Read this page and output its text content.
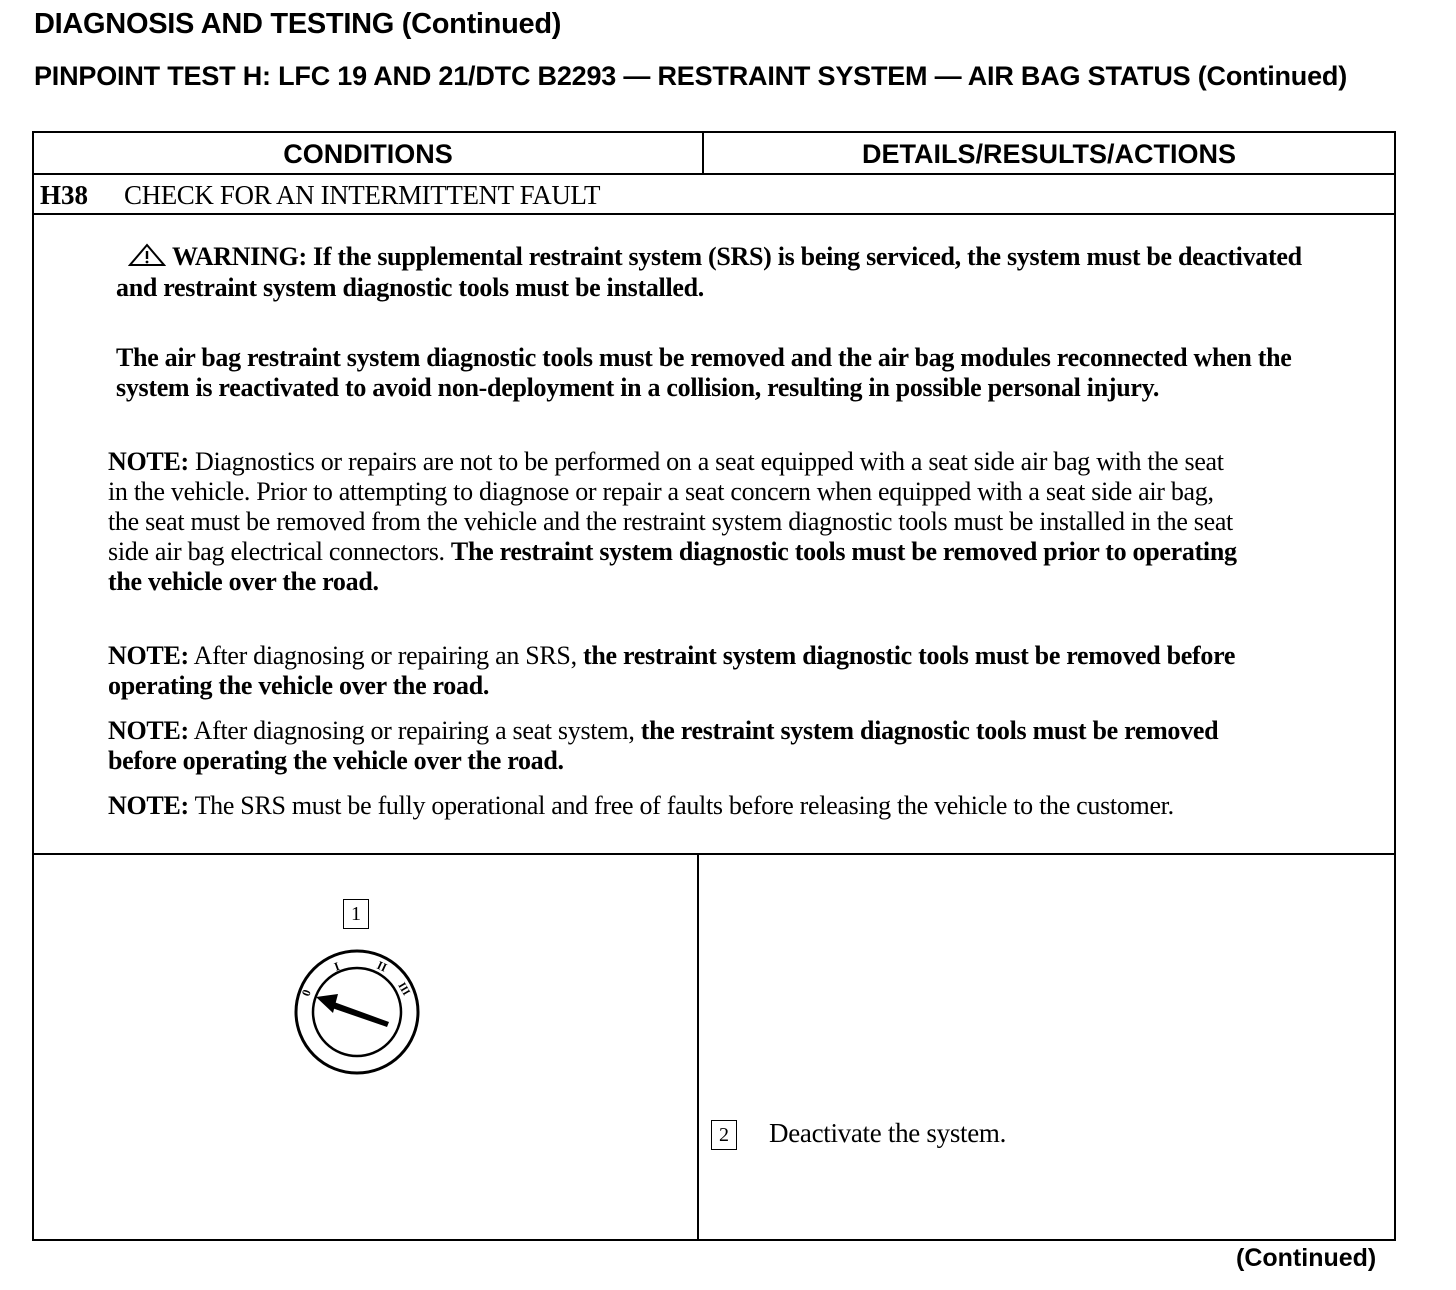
DIAGNOSIS AND TESTING (Continued)
PINPOINT TEST H: LFC 19 AND 21/DTC B2293 — RESTRAINT SYSTEM — AIR BAG STATUS (Continued)
CONDITIONS	DETAILS/RESULTS/ACTIONS
H38 CHECK FOR AN INTERMITTENT FAULT
WARNING: If the supplemental restraint system (SRS) is being serviced, the system must be deactivated and restraint system diagnostic tools must be installed.
The air bag restraint system diagnostic tools must be removed and the air bag modules reconnected when the system is reactivated to avoid non-deployment in a collision, resulting in possible personal injury.
NOTE: Diagnostics or repairs are not to be performed on a seat equipped with a seat side air bag with the seat in the vehicle. Prior to attempting to diagnose or repair a seat concern when equipped with a seat side air bag, the seat must be removed from the vehicle and the restraint system diagnostic tools must be installed in the seat side air bag electrical connectors. The restraint system diagnostic tools must be removed prior to operating the vehicle over the road.
NOTE: After diagnosing or repairing an SRS, the restraint system diagnostic tools must be removed before operating the vehicle over the road.
NOTE: After diagnosing or repairing a seat system, the restraint system diagnostic tools must be removed before operating the vehicle over the road.
NOTE: The SRS must be fully operational and free of faults before releasing the vehicle to the customer.
1
0
I	II
III
2 Deactivate the system.
(Continued)
